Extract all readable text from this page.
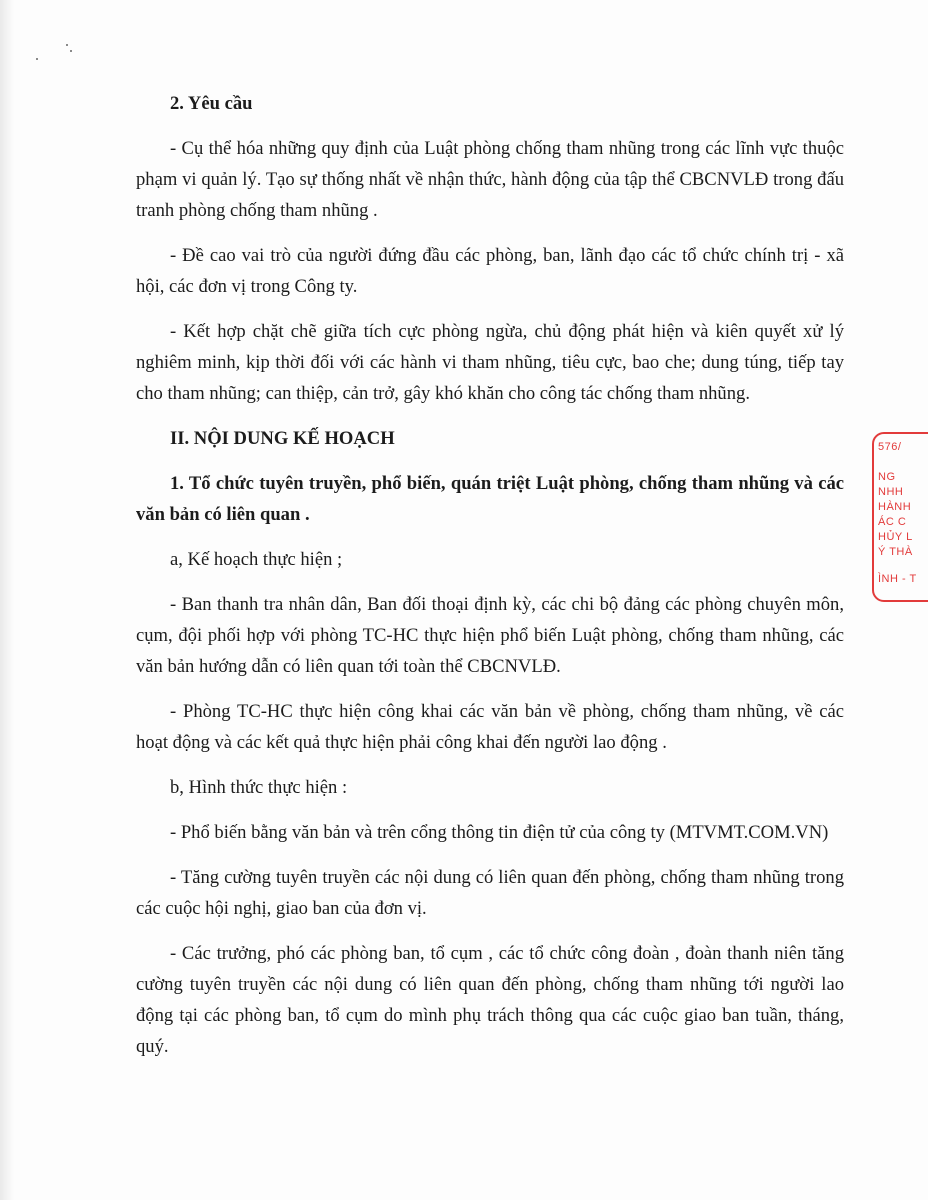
2. Yêu cầu

- Cụ thể hóa những quy định của Luật phòng chống tham nhũng trong các lĩnh vực thuộc phạm vi quản lý. Tạo sự thống nhất về nhận thức, hành động của tập thể CBCNVLĐ trong đấu tranh phòng chống tham nhũng .

- Đề cao vai trò của người đứng đầu các phòng, ban, lãnh đạo các tổ chức chính trị - xã hội, các đơn vị trong Công ty.

- Kết hợp chặt chẽ giữa tích cực phòng ngừa, chủ động phát hiện và kiên quyết xử lý nghiêm minh, kịp thời đối với các hành vi tham nhũng, tiêu cực, bao che; dung túng, tiếp tay cho tham nhũng; can thiệp, cản trở, gây khó khăn cho công tác chống tham nhũng.

II. NỘI DUNG KẾ HOẠCH

1. Tổ chức tuyên truyền, phổ biến, quán triệt Luật phòng, chống tham nhũng và các văn bản có liên quan .

a, Kế hoạch thực hiện ;

- Ban thanh tra nhân dân, Ban đối thoại định kỳ, các chi bộ đảng các phòng chuyên môn, cụm, đội phối hợp với phòng TC-HC thực hiện phổ biến Luật phòng, chống tham nhũng, các văn bản hướng dẫn có liên quan tới toàn thể CBCNVLĐ.

- Phòng TC-HC thực hiện công khai các văn bản về phòng, chống tham nhũng, về các hoạt động và các kết quả thực hiện phải công khai đến người lao động .

b, Hình thức thực hiện :

- Phổ biến bằng văn bản và trên cổng thông tin điện tử của công ty (MTVMT.COM.VN)

- Tăng cường tuyên truyền các nội dung có liên quan đến phòng, chống tham nhũng trong các cuộc hội nghị, giao ban của đơn vị.

- Các trưởng, phó các phòng ban, tổ cụm , các tổ chức công đoàn , đoàn thanh niên tăng cường tuyên truyền các nội dung có liên quan đến phòng, chống tham nhũng tới người lao động tại các phòng ban, tổ cụm do mình phụ trách thông qua các cuộc giao ban tuần, tháng, quý.

576/
NG
NHH
HÀNH
ÁC C
HỦY L
Ý THÀ
ÌNH - T
